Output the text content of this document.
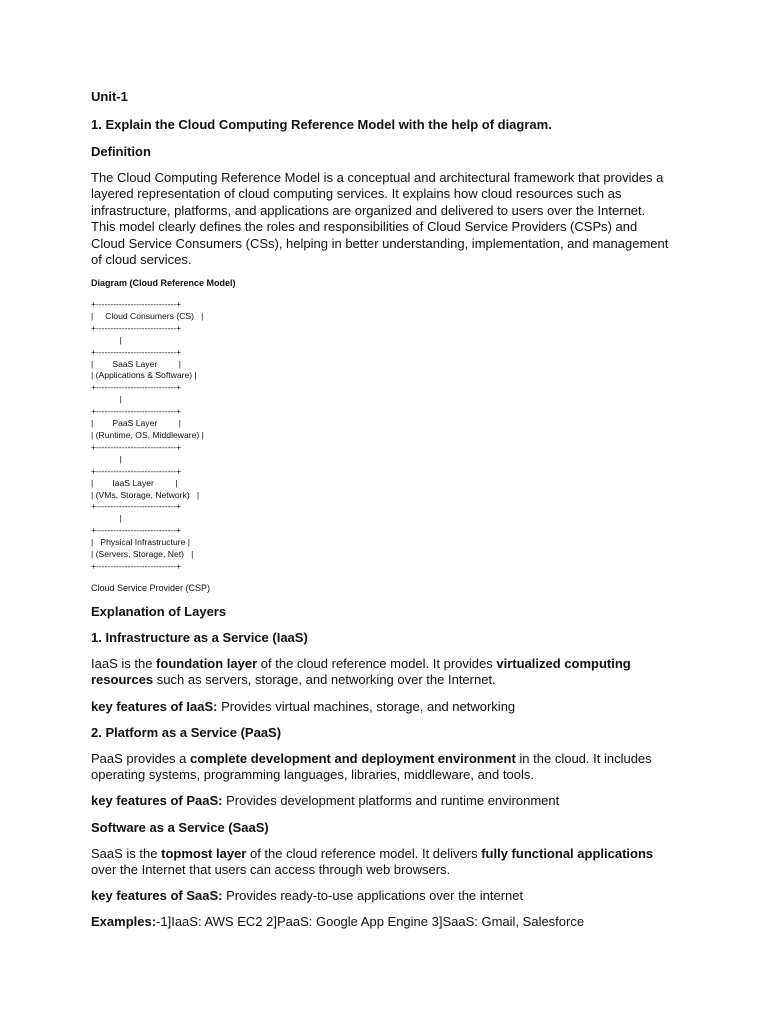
Unit-1

1. Explain the Cloud Computing Reference Model with the help of diagram.

Definition

The Cloud Computing Reference Model is a conceptual and architectural framework that provides a layered representation of cloud computing services. It explains how cloud resources such as infrastructure, platforms, and applications are organized and delivered to users over the Internet. This model clearly defines the roles and responsibilities of Cloud Service Providers (CSPs) and Cloud Service Consumers (CSs), helping in better understanding, implementation, and management of cloud services.

Diagram (Cloud Reference Model)

+----------------------------+
|     Cloud Consumers (CS)   |
+----------------------------+
|
+----------------------------+
|        SaaS Layer         |
| (Applications & Software) |
+----------------------------+
|
+----------------------------+
|        PaaS Layer         |
| (Runtime, OS, Middleware) |
+----------------------------+
|
+----------------------------+
|        IaaS Layer         |
| (VMs, Storage, Network)   |
+----------------------------+
|
+----------------------------+
|   Physical Infrastructure |
| (Servers, Storage, Net)   |
+----------------------------+

Cloud Service Provider (CSP)

Explanation of Layers

1. Infrastructure as a Service (IaaS)

IaaS is the foundation layer of the cloud reference model. It provides virtualized computing resources such as servers, storage, and networking over the Internet.

key features of IaaS: Provides virtual machines, storage, and networking

2. Platform as a Service (PaaS)

PaaS provides a complete development and deployment environment in the cloud. It includes operating systems, programming languages, libraries, middleware, and tools.

key features of PaaS: Provides development platforms and runtime environment

Software as a Service (SaaS)

SaaS is the topmost layer of the cloud reference model. It delivers fully functional applications over the Internet that users can access through web browsers.

key features of SaaS: Provides ready-to-use applications over the internet

Examples:-1]IaaS: AWS EC2 2]PaaS: Google App Engine 3]SaaS: Gmail, Salesforce
